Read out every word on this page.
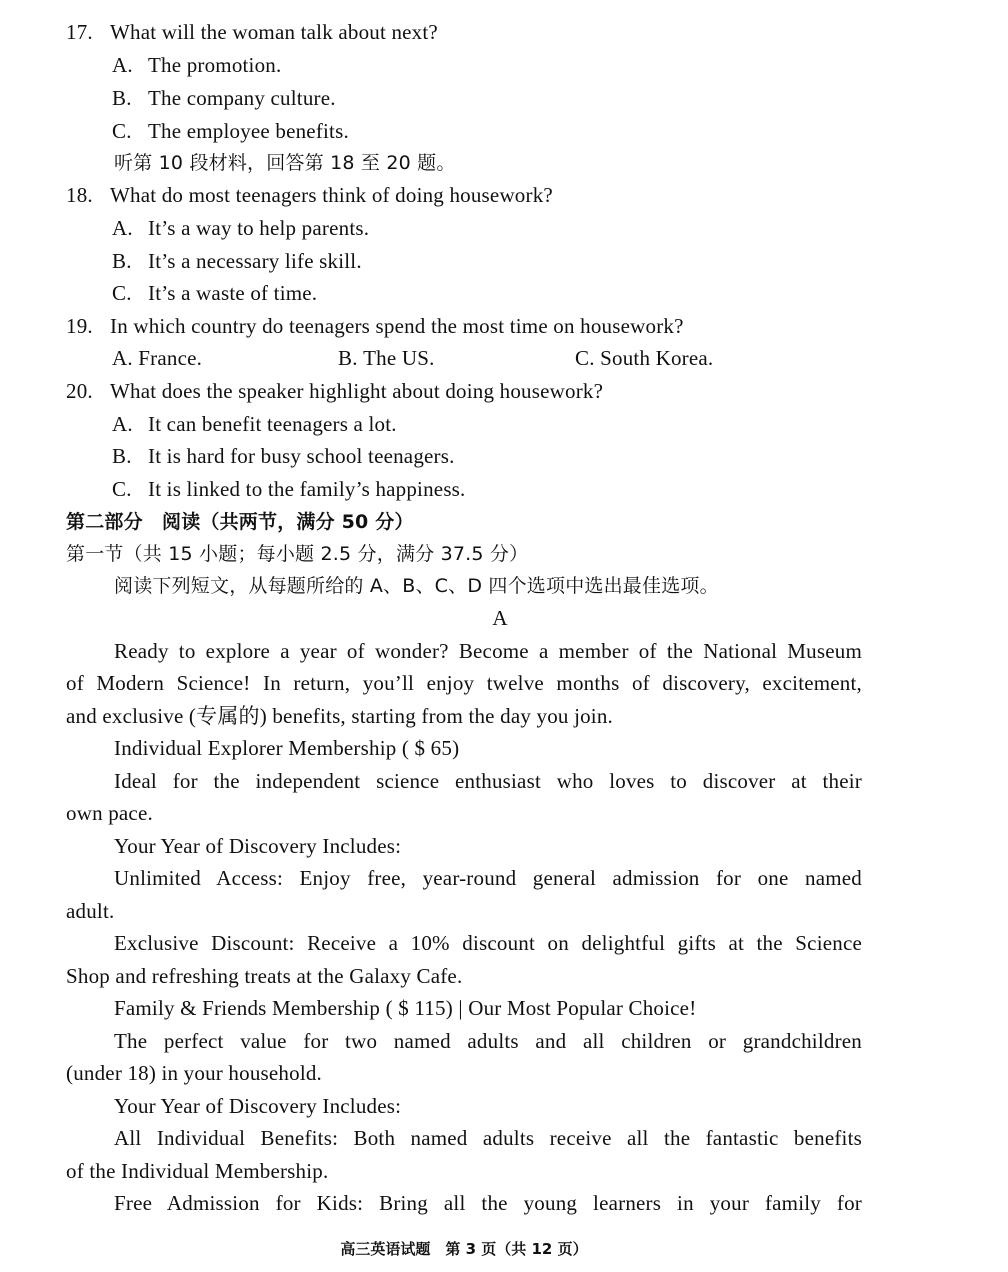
17. What will the woman talk about next?
A. The promotion.
B. The company culture.
C. The employee benefits.
听第 10 段材料，回答第 18 至 20 题。
18. What do most teenagers think of doing housework?
A. It’s a way to help parents.
B. It’s a necessary life skill.
C. It’s a waste of time.
19. In which country do teenagers spend the most time on housework?
A. France.	B. The US.	C. South Korea.
20. What does the speaker highlight about doing housework?
A. It can benefit teenagers a lot.
B. It is hard for busy school teenagers.
C. It is linked to the family’s happiness.
第二部分　阅读（共两节，满分 50 分）
第一节（共 15 小题；每小题 2.5 分，满分 37.5 分）
阅读下列短文，从每题所给的 A、B、C、D 四个选项中选出最佳选项。
A
Ready to explore a year of wonder? Become a member of the National Museum
of Modern Science! In return, you’ll enjoy twelve months of discovery, excitement,
and exclusive (专属的) benefits, starting from the day you join.
Individual Explorer Membership ( $ 65)
Ideal for the independent science enthusiast who loves to discover at their
own pace.
Your Year of Discovery Includes:
Unlimited Access: Enjoy free, year-round general admission for one named
adult.
Exclusive Discount: Receive a 10% discount on delightful gifts at the Science
Shop and refreshing treats at the Galaxy Cafe.
Family & Friends Membership ( $ 115) | Our Most Popular Choice!
The perfect value for two named adults and all children or grandchildren
(under 18) in your household.
Your Year of Discovery Includes:
All Individual Benefits: Both named adults receive all the fantastic benefits
of the Individual Membership.
Free Admission for Kids: Bring all the young learners in your family for
高三英语试题　第 3 页（共 12 页）
